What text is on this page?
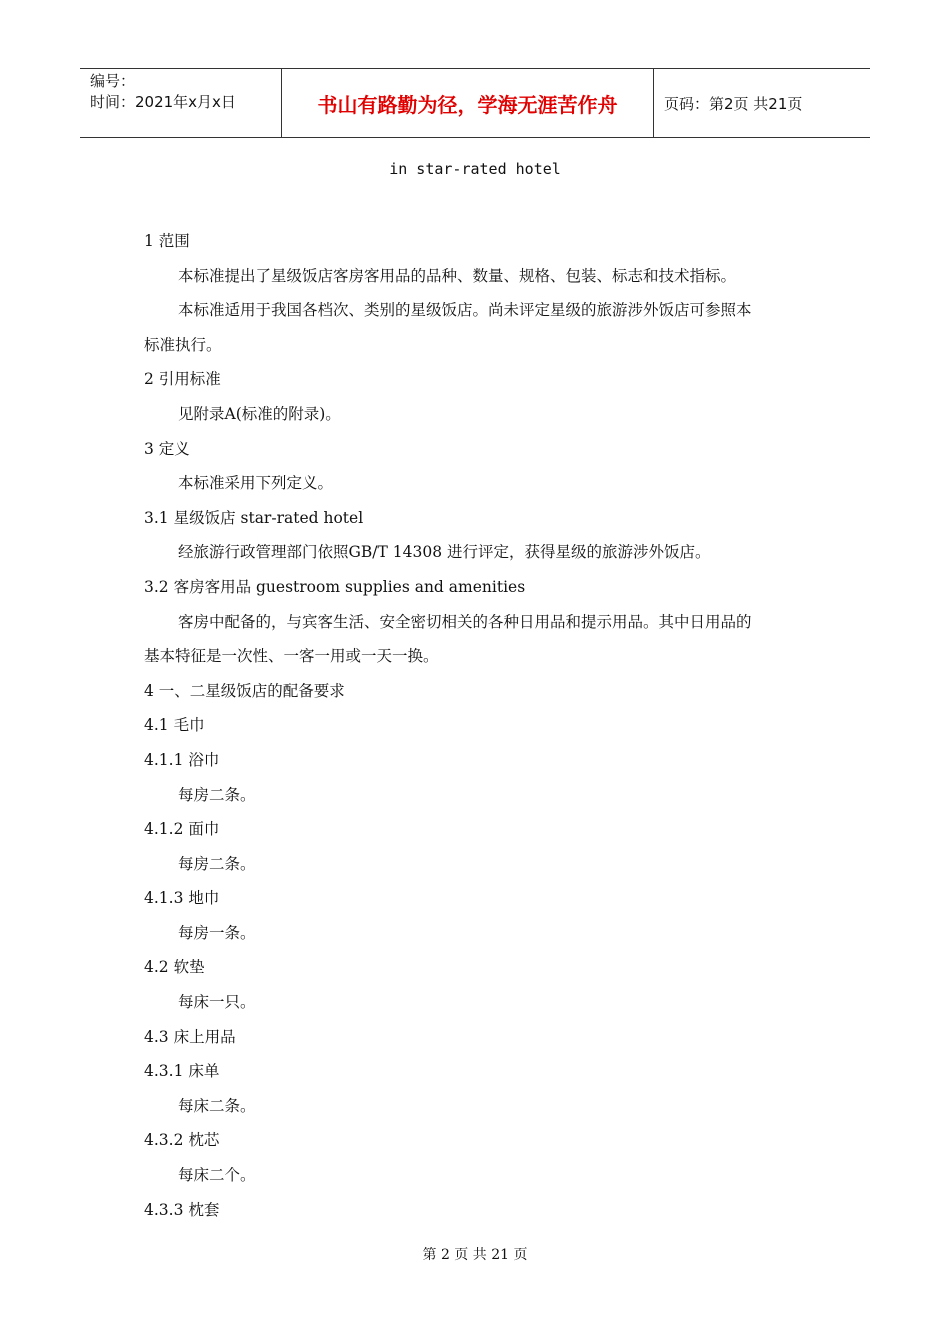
编号：
时间：2021年x月x日	书山有路勤为径，学海无涯苦作舟	页码：第2页 共21页
in star-rated hotel
1 范围
本标准提出了星级饭店客房客用品的品种、数量、规格、包装、标志和技术指标。
本标准适用于我国各档次、类别的星级饭店。尚未评定星级的旅游涉外饭店可参照本
标准执行。
2 引用标准
见附录A(标准的附录)。
3 定义
本标准采用下列定义。
3.1 星级饭店 star-rated hotel
经旅游行政管理部门依照GB/T 14308 进行评定，获得星级的旅游涉外饭店。
3.2 客房客用品 guestroom supplies and amenities
客房中配备的，与宾客生活、安全密切相关的各种日用品和提示用品。其中日用品的
基本特征是一次性、一客一用或一天一换。
4 一、二星级饭店的配备要求
4.1 毛巾
4.1.1 浴巾
每房二条。
4.1.2 面巾
每房二条。
4.1.3 地巾
每房一条。
4.2 软垫
每床一只。
4.3 床上用品
4.3.1 床单
每床二条。
4.3.2 枕芯
每床二个。
4.3.3 枕套
第 2 页 共 21 页
